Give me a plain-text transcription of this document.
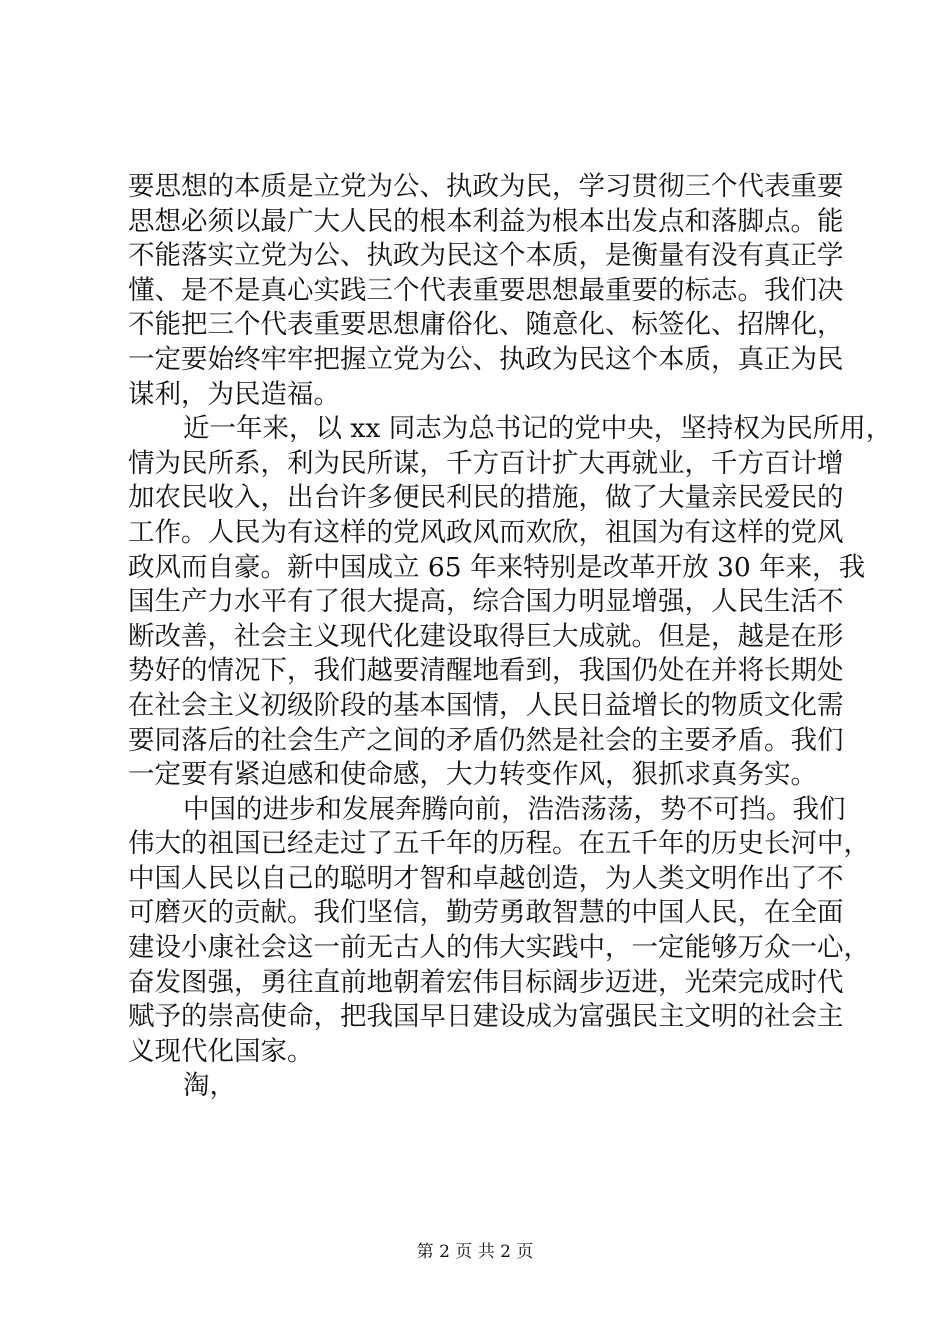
要思想的本质是立党为公、执政为民，学习贯彻三个代表重要
思想必须以最广大人民的根本利益为根本出发点和落脚点。能
不能落实立党为公、执政为民这个本质，是衡量有没有真正学
懂、是不是真心实践三个代表重要思想最重要的标志。我们决
不能把三个代表重要思想庸俗化、随意化、标签化、招牌化，
一定要始终牢牢把握立党为公、执政为民这个本质，真正为民
谋利，为民造福。
近一年来，以 xx 同志为总书记的党中央，坚持权为民所用，
情为民所系，利为民所谋，千方百计扩大再就业，千方百计增
加农民收入，出台许多便民利民的措施，做了大量亲民爱民的
工作。人民为有这样的党风政风而欢欣，祖国为有这样的党风
政风而自豪。新中国成立 65 年来特别是改革开放 30 年来，我
国生产力水平有了很大提高，综合国力明显增强，人民生活不
断改善，社会主义现代化建设取得巨大成就。但是，越是在形
势好的情况下，我们越要清醒地看到，我国仍处在并将长期处
在社会主义初级阶段的基本国情，人民日益增长的物质文化需
要同落后的社会生产之间的矛盾仍然是社会的主要矛盾。我们
一定要有紧迫感和使命感，大力转变作风，狠抓求真务实。
中国的进步和发展奔腾向前，浩浩荡荡，势不可挡。我们
伟大的祖国已经走过了五千年的历程。在五千年的历史长河中，
中国人民以自己的聪明才智和卓越创造，为人类文明作出了不
可磨灭的贡献。我们坚信，勤劳勇敢智慧的中国人民，在全面
建设小康社会这一前无古人的伟大实践中，一定能够万众一心，
奋发图强，勇往直前地朝着宏伟目标阔步迈进，光荣完成时代
赋予的崇高使命，把我国早日建设成为富强民主文明的社会主
义现代化国家。
淘，
第 2 页 共 2 页
